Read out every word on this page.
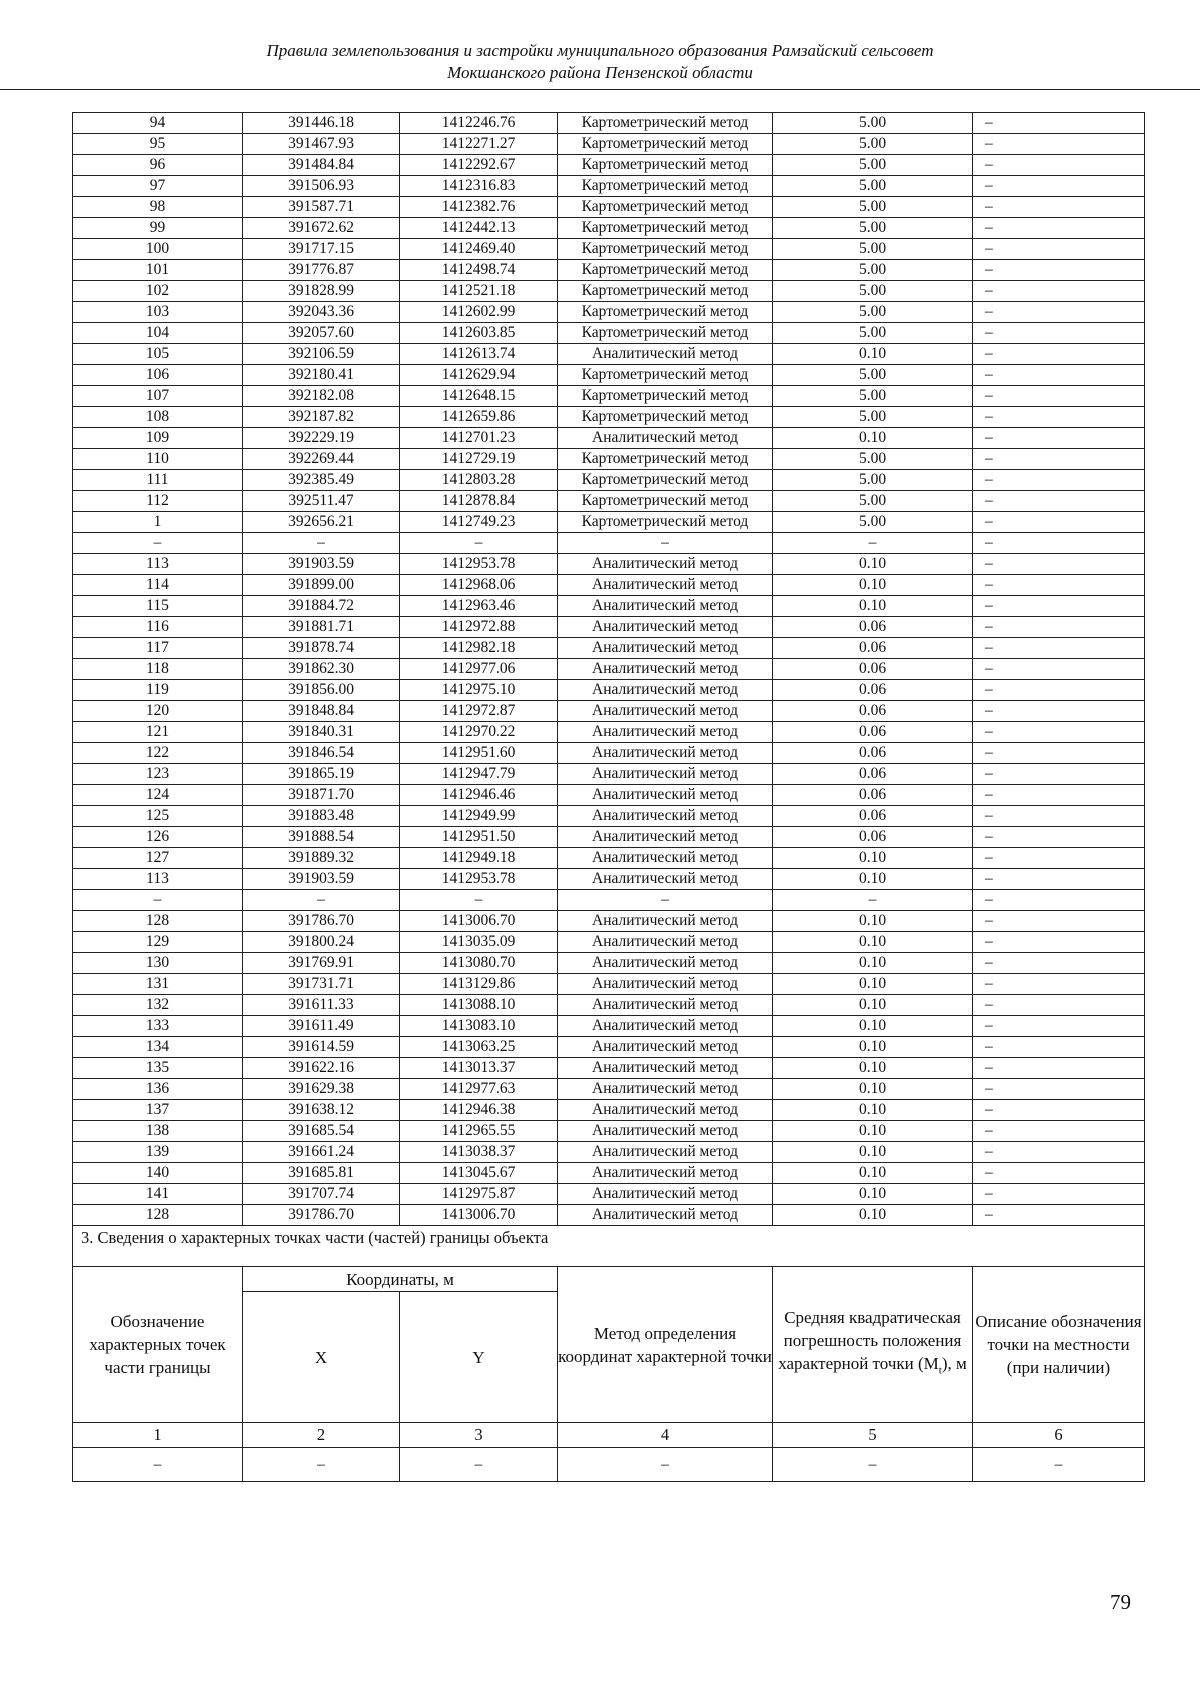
Правила землепользования и застройки муниципального образования Рамзайский сельсовет
Мокшанского района Пензенской области
94	391446.18	1412246.76	Картометрический метод	5.00	–
95	391467.93	1412271.27	Картометрический метод	5.00	–
96	391484.84	1412292.67	Картометрический метод	5.00	–
97	391506.93	1412316.83	Картометрический метод	5.00	–
98	391587.71	1412382.76	Картометрический метод	5.00	–
99	391672.62	1412442.13	Картометрический метод	5.00	–
100	391717.15	1412469.40	Картометрический метод	5.00	–
101	391776.87	1412498.74	Картометрический метод	5.00	–
102	391828.99	1412521.18	Картометрический метод	5.00	–
103	392043.36	1412602.99	Картометрический метод	5.00	–
104	392057.60	1412603.85	Картометрический метод	5.00	–
105	392106.59	1412613.74	Аналитический метод	0.10	–
106	392180.41	1412629.94	Картометрический метод	5.00	–
107	392182.08	1412648.15	Картометрический метод	5.00	–
108	392187.82	1412659.86	Картометрический метод	5.00	–
109	392229.19	1412701.23	Аналитический метод	0.10	–
110	392269.44	1412729.19	Картометрический метод	5.00	–
111	392385.49	1412803.28	Картометрический метод	5.00	–
112	392511.47	1412878.84	Картометрический метод	5.00	–
1	392656.21	1412749.23	Картометрический метод	5.00	–
–	–	–	–	–	–
113	391903.59	1412953.78	Аналитический метод	0.10	–
114	391899.00	1412968.06	Аналитический метод	0.10	–
115	391884.72	1412963.46	Аналитический метод	0.10	–
116	391881.71	1412972.88	Аналитический метод	0.06	–
117	391878.74	1412982.18	Аналитический метод	0.06	–
118	391862.30	1412977.06	Аналитический метод	0.06	–
119	391856.00	1412975.10	Аналитический метод	0.06	–
120	391848.84	1412972.87	Аналитический метод	0.06	–
121	391840.31	1412970.22	Аналитический метод	0.06	–
122	391846.54	1412951.60	Аналитический метод	0.06	–
123	391865.19	1412947.79	Аналитический метод	0.06	–
124	391871.70	1412946.46	Аналитический метод	0.06	–
125	391883.48	1412949.99	Аналитический метод	0.06	–
126	391888.54	1412951.50	Аналитический метод	0.06	–
127	391889.32	1412949.18	Аналитический метод	0.10	–
113	391903.59	1412953.78	Аналитический метод	0.10	–
–	–	–	–	–	–
128	391786.70	1413006.70	Аналитический метод	0.10	–
129	391800.24	1413035.09	Аналитический метод	0.10	–
130	391769.91	1413080.70	Аналитический метод	0.10	–
131	391731.71	1413129.86	Аналитический метод	0.10	–
132	391611.33	1413088.10	Аналитический метод	0.10	–
133	391611.49	1413083.10	Аналитический метод	0.10	–
134	391614.59	1413063.25	Аналитический метод	0.10	–
135	391622.16	1413013.37	Аналитический метод	0.10	–
136	391629.38	1412977.63	Аналитический метод	0.10	–
137	391638.12	1412946.38	Аналитический метод	0.10	–
138	391685.54	1412965.55	Аналитический метод	0.10	–
139	391661.24	1413038.37	Аналитический метод	0.10	–
140	391685.81	1413045.67	Аналитический метод	0.10	–
141	391707.74	1412975.87	Аналитический метод	0.10	–
128	391786.70	1413006.70	Аналитический метод	0.10	–
3. Сведения о характерных точках части (частей) границы объекта					
Обозначение характерных точек части границы	Координаты, м		Метод определения координат характерной точки	Средняя квадратическая погрешность положения характерной точки $(M_t)$, м	Описание обозначения точки на местности (при наличии)
	X	Y			
1	2	3	4	5	6
–	–	–	–	–	–
79
